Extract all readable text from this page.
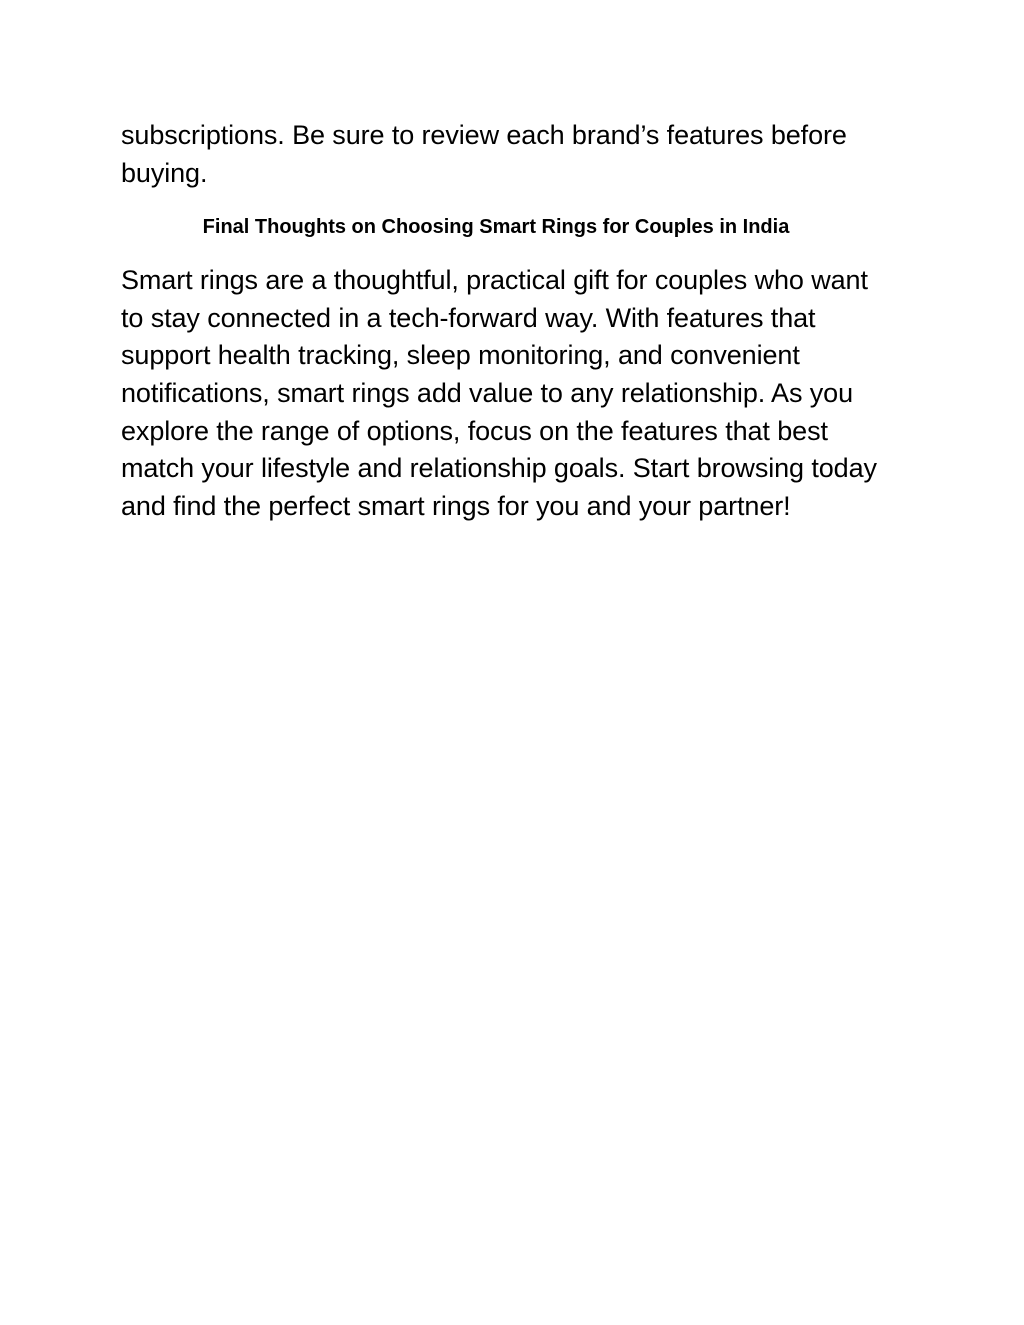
subscriptions. Be sure to review each brand’s features before buying.

Final Thoughts on Choosing Smart Rings for Couples in India

Smart rings are a thoughtful, practical gift for couples who want to stay connected in a tech-forward way. With features that support health tracking, sleep monitoring, and convenient notifications, smart rings add value to any relationship. As you explore the range of options, focus on the features that best match your lifestyle and relationship goals. Start browsing today and find the perfect smart rings for you and your partner!
